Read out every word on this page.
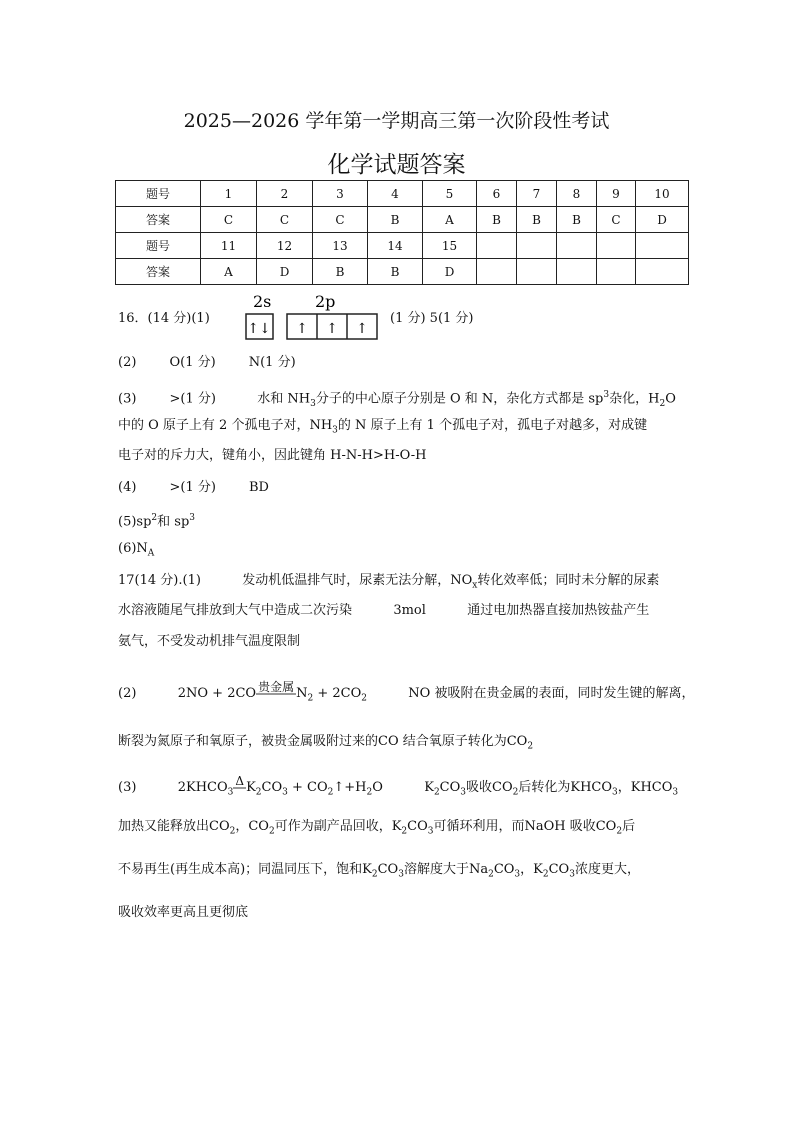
2025—2026 学年第一学期高三第一次阶段性考试
化学试题答案
题号	1	2	3	4	5	6	7	8	9	10
答案	C	C	C	B	A	B	B	B	C	D
题号	11	12	13	14	15					
答案	A	D	B	B	D					
2s	2p
↑↓ ↑ ↑ ↑
16．(14 分)(1)	(1 分) 5(1 分)
(2)        O(1 分)        N(1 分)
(3)        >(1 分)          水和 $NH_3$分子的中心原子分别是 O 和 N，杂化方式都是 $sp^3$杂化，$H_2O$
中的 O 原子上有 2 个孤电子对，$NH_3$的 N 原子上有 1 个孤电子对，孤电子对越多，对成键
电子对的斥力大，键角小，因此键角 H-N-H>H-O-H
(4)        >(1 分)        BD
$(5)sp^2$和 $sp^3$
$(6)N_A$
17(14 分).(1)          发动机低温排气时，尿素无法分解，$NO_x$转化效率低；同时未分解的尿素
水溶液随尾气排放到大气中造成二次污染          3mol          通过电加热器直接加热铵盐产生
氨气，不受发动机排气温度限制
(2)          2NO + 2CO 贵金属 $N_2 + 2CO_2$          NO 被吸附在贵金属的表面，同时发生键的解离，
断裂为氮原子和氧原子，被贵金属吸附过来的CO 结合氧原子转化为$CO_2$
(3)          $2KHCO_3\Delta$ $K_2CO_3$ + $CO_2↑+H_2O$          $K_2CO_3$吸收$CO_2$后转化为$KHCO_3$，$KHCO_3$
加热又能释放出$CO_2$，$CO_2$可作为副产品回收，$K_2CO_3$可循环利用，而NaOH 吸收$CO_2$后
不易再生(再生成本高)；同温同压下，饱和$K_2CO_3$溶解度大于$Na_2CO_3$，$K_2CO_3$浓度更大，
吸收效率更高且更彻底
